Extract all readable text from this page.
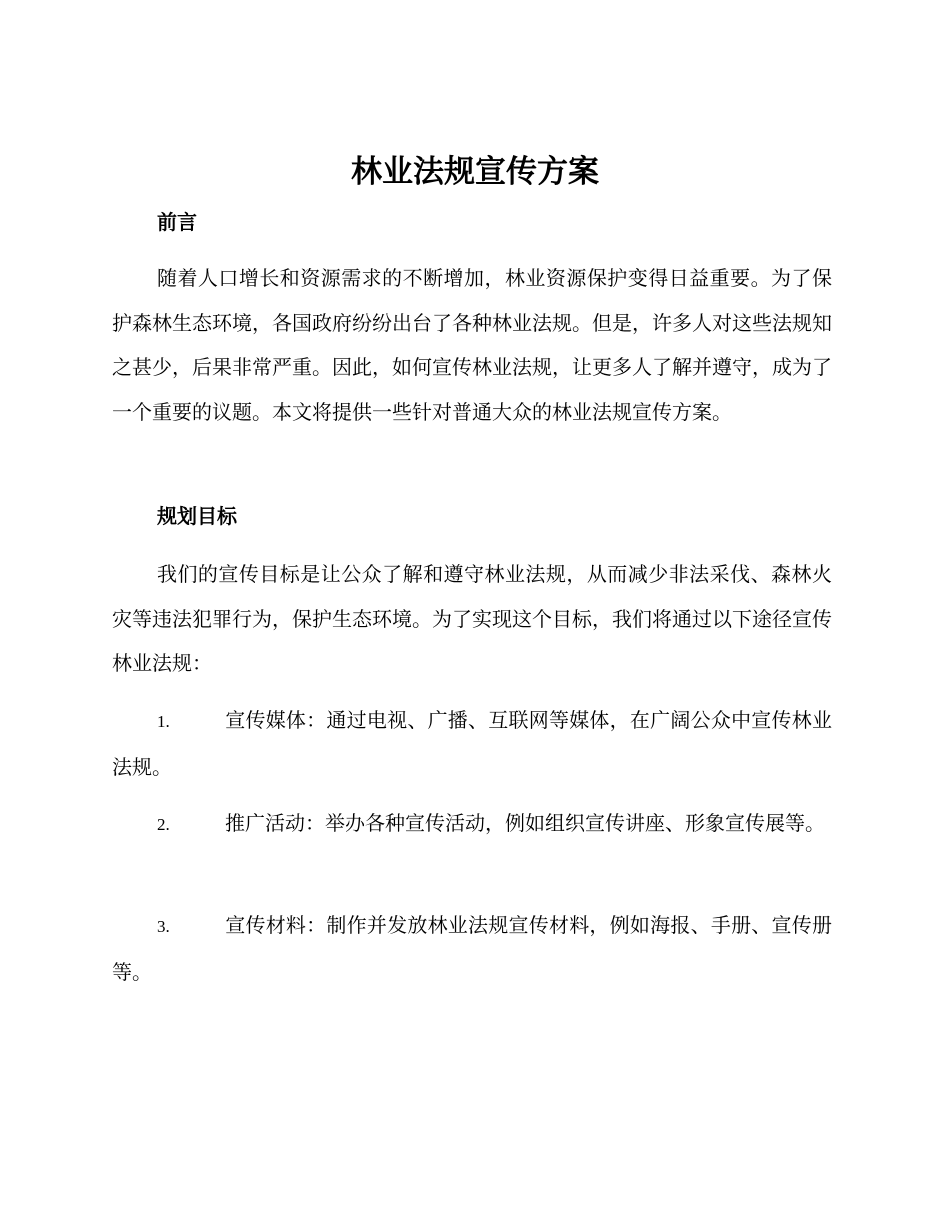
林业法规宣传方案
前言

随着人口增长和资源需求的不断增加，林业资源保护变得日益重要。为了保护森林生态环境，各国政府纷纷出台了各种林业法规。但是，许多人对这些法规知之甚少，后果非常严重。因此，如何宣传林业法规，让更多人了解并遵守，成为了一个重要的议题。本文将提供一些针对普通大众的林业法规宣传方案。

规划目标

我们的宣传目标是让公众了解和遵守林业法规，从而减少非法采伐、森林火灾等违法犯罪行为，保护生态环境。为了实现这个目标，我们将通过以下途径宣传林业法规：

1.	宣传媒体：通过电视、广播、互联网等媒体，在广阔公众中宣传林业法规。

2.	推广活动：举办各种宣传活动，例如组织宣传讲座、形象宣传展等。

3.	宣传材料：制作并发放林业法规宣传材料，例如海报、手册、宣传册等。
